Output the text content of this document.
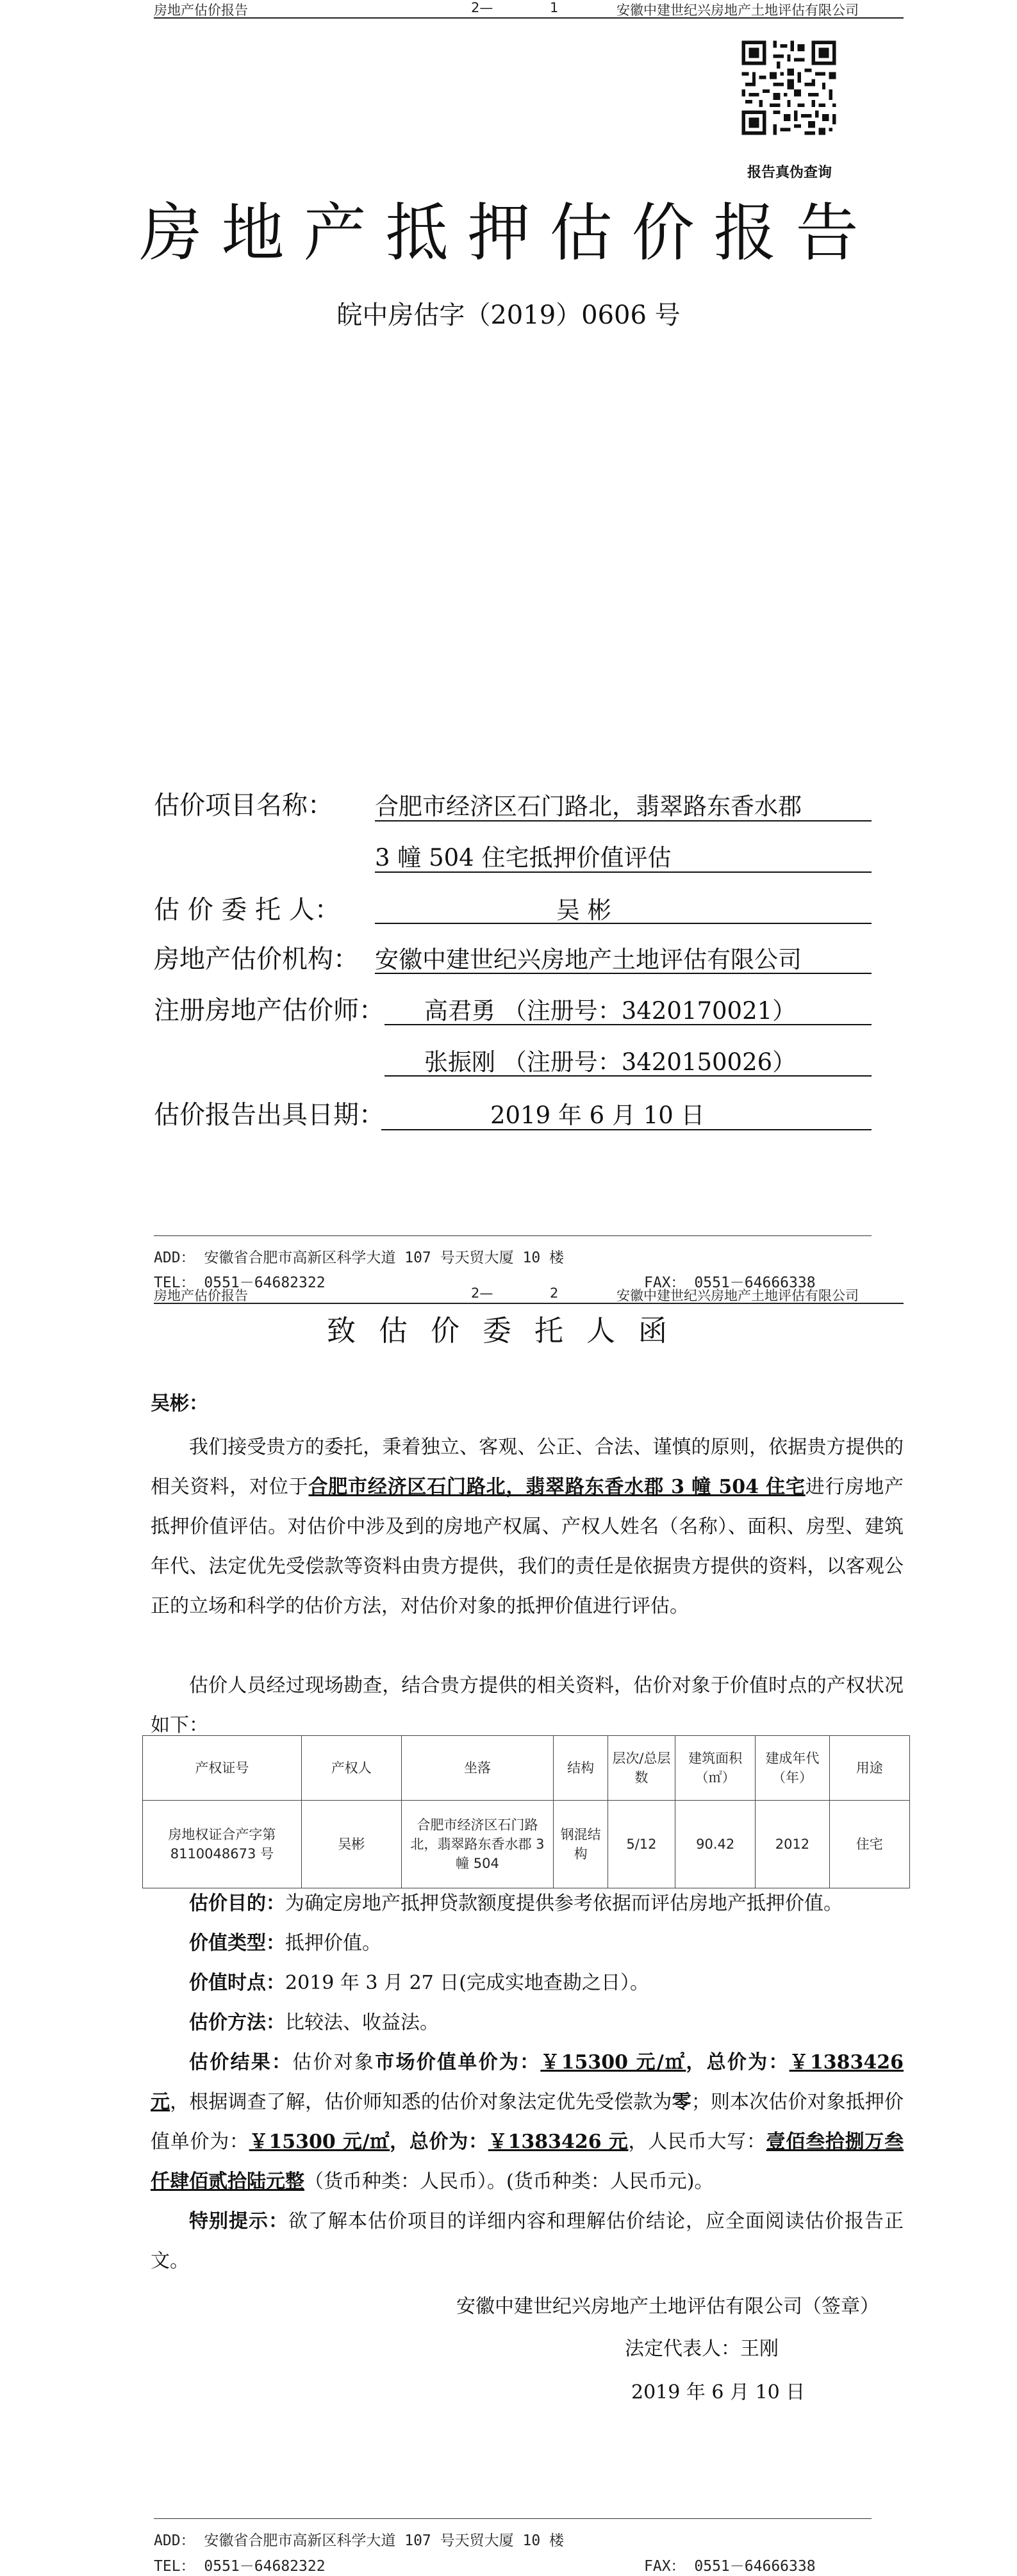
房地产估价报告	2—	1	安徽中建世纪兴房地产土地评估有限公司
报告真伪查询
房地产抵押估价报告
皖中房估字（2019）0606 号
估价项目名称： 合肥市经济区石门路北，翡翠路东香水郡
3 幢 504 住宅抵押价值评估
估 价 委 托 人：	吴 彬
房地产估价机构： 安徽中建世纪兴房地产土地评估有限公司
注册房地产估价师： 高君勇 （注册号：3420170021）
张振刚 （注册号：3420150026）
估价报告出具日期：	2019 年 6 月 10 日
ADD： 安徽省合肥市高新区科学大道 107 号天贸大厦 10 楼
TEL： 0551－64682322	FAX： 0551－64666338
房地产估价报告	2—	2	安徽中建世纪兴房地产土地评估有限公司
致估价委托人函
吴彬：
我们接受贵方的委托，秉着独立、客观、公正、合法、谨慎的原则，依据贵方提供的相关资料，对位于合肥市经济区石门路北，翡翠路东香水郡 3 幢 504 住宅进行房地产抵押价值评估。对估价中涉及到的房地产权属、产权人姓名（名称）、面积、房型、建筑年代、法定优先受偿款等资料由贵方提供，我们的责任是依据贵方提供的资料，以客观公正的立场和科学的估价方法，对估价对象的抵押价值进行评估。
估价人员经过现场勘查，结合贵方提供的相关资料，估价对象于价值时点的产权状况如下：
产权证号	产权人	坐落	结构	层次/总层数	建筑面积（㎡）	建成年代（年）	用途
房地权证合产字第 8110048673 号	吴彬	合肥市经济区石门路北，翡翠路东香水郡 3 幢 504	钢混结构	5/12	90.42	2012	住宅
估价目的：为确定房地产抵押贷款额度提供参考依据而评估房地产抵押价值。
价值类型：抵押价值。
价值时点：2019 年 3 月 27 日(完成实地查勘之日）。
估价方法：比较法、收益法。
估价结果：估价对象市场价值单价为：￥15300 元/㎡，总价为：￥1383426 元，根据调查了解，估价师知悉的估价对象法定优先受偿款为零；则本次估价对象抵押价值单价为：￥15300 元/㎡，总价为：￥1383426 元，人民币大写：壹佰叁拾捌万叁仟肆佰贰拾陆元整（货币种类：人民币）。(货币种类：人民币元)。
特别提示：欲了解本估价项目的详细内容和理解估价结论，应全面阅读估价报告正文。
安徽中建世纪兴房地产土地评估有限公司（签章）
法定代表人：王刚
2019 年 6 月 10 日
ADD： 安徽省合肥市高新区科学大道 107 号天贸大厦 10 楼
TEL： 0551－64682322	FAX： 0551－64666338
